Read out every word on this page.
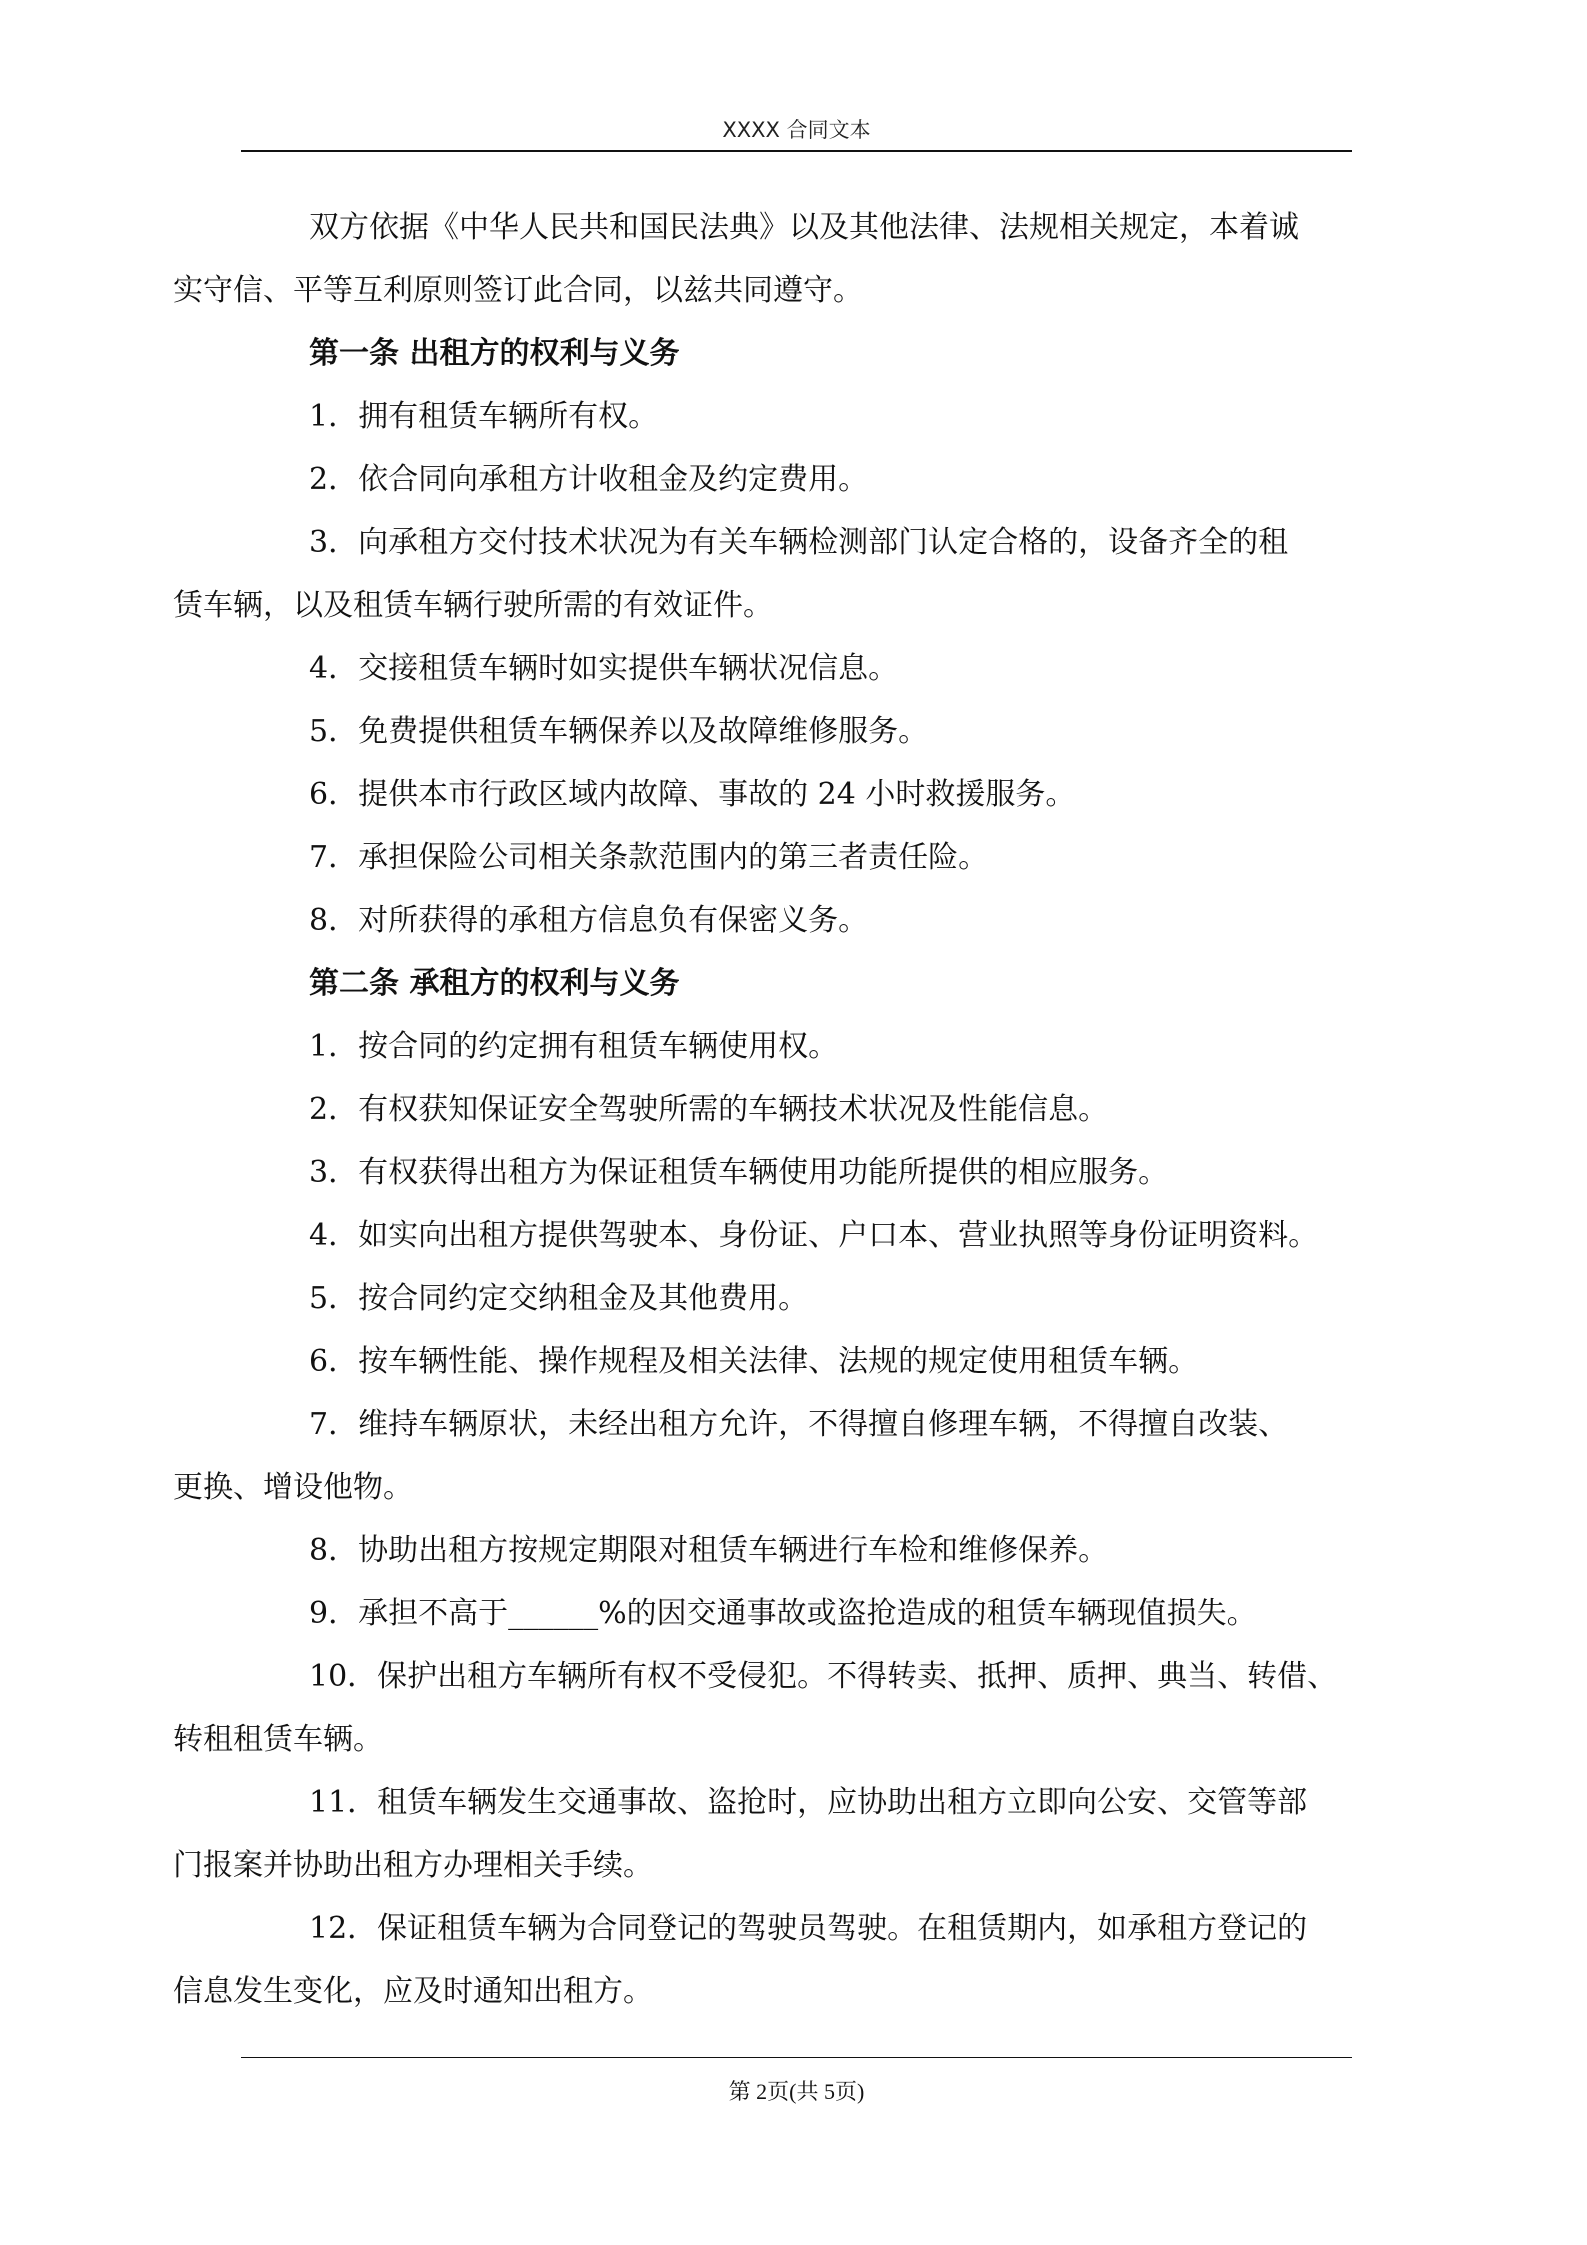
XXXX 合同文本

双方依据《中华人民共和国民法典》以及其他法律、法规相关规定，本着诚
实守信、平等互利原则签订此合同，以兹共同遵守。

第一条 出租方的权利与义务

1．拥有租赁车辆所有权。

2．依合同向承租方计收租金及约定费用。

3．向承租方交付技术状况为有关车辆检测部门认定合格的，设备齐全的租
赁车辆，以及租赁车辆行驶所需的有效证件。

4．交接租赁车辆时如实提供车辆状况信息。

5．免费提供租赁车辆保养以及故障维修服务。

6．提供本市行政区域内故障、事故的 24 小时救援服务。

7．承担保险公司相关条款范围内的第三者责任险。

8．对所获得的承租方信息负有保密义务。

第二条 承租方的权利与义务

1．按合同的约定拥有租赁车辆使用权。

2．有权获知保证安全驾驶所需的车辆技术状况及性能信息。

3．有权获得出租方为保证租赁车辆使用功能所提供的相应服务。

4．如实向出租方提供驾驶本、身份证、户口本、营业执照等身份证明资料。

5．按合同约定交纳租金及其他费用。

6．按车辆性能、操作规程及相关法律、法规的规定使用租赁车辆。

7．维持车辆原状，未经出租方允许，不得擅自修理车辆，不得擅自改装、
更换、增设他物。

8．协助出租方按规定期限对租赁车辆进行车检和维修保养。

9．承担不高于______%的因交通事故或盗抢造成的租赁车辆现值损失。

10．保护出租方车辆所有权不受侵犯。不得转卖、抵押、质押、典当、转借、
转租租赁车辆。

11．租赁车辆发生交通事故、盗抢时，应协助出租方立即向公安、交管等部
门报案并协助出租方办理相关手续。

12．保证租赁车辆为合同登记的驾驶员驾驶。在租赁期内，如承租方登记的
信息发生变化，应及时通知出租方。

第 2页(共 5页)
